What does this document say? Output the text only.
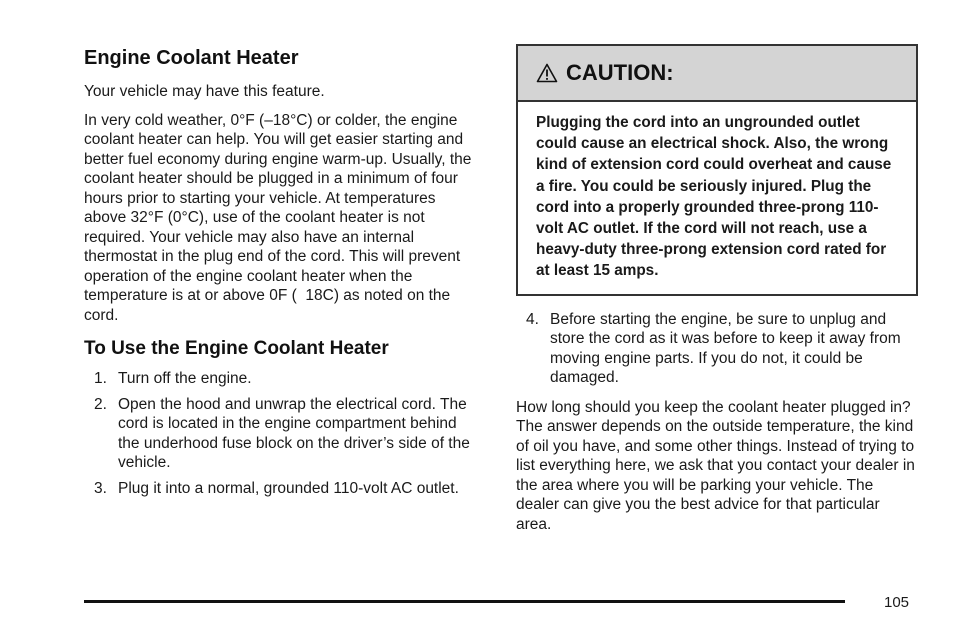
Engine Coolant Heater

Your vehicle may have this feature.

In very cold weather, 0°F (–18°C) or colder, the engine coolant heater can help. You will get easier starting and better fuel economy during engine warm-up. Usually, the coolant heater should be plugged in a minimum of four hours prior to starting your vehicle. At temperatures above 32°F (0°C), use of the coolant heater is not required. Your vehicle may also have an internal thermostat in the plug end of the cord. This will prevent operation of the engine coolant heater when the temperature is at or above 0F (  18C) as noted on the cord.

To Use the Engine Coolant Heater
1. Turn off the engine.
2. Open the hood and unwrap the electrical cord. The cord is located in the engine compartment behind the underhood fuse block on the driver’s side of the vehicle.
3. Plug it into a normal, grounded 110-volt AC outlet.
CAUTION:
Plugging the cord into an ungrounded outlet could cause an electrical shock. Also, the wrong kind of extension cord could overheat and cause a fire. You could be seriously injured. Plug the cord into a properly grounded three-prong 110-volt AC outlet. If the cord will not reach, use a heavy-duty three-prong extension cord rated for at least 15 amps.
4. Before starting the engine, be sure to unplug and store the cord as it was before to keep it away from moving engine parts. If you do not, it could be damaged.

How long should you keep the coolant heater plugged in? The answer depends on the outside temperature, the kind of oil you have, and some other things. Instead of trying to list everything here, we ask that you contact your dealer in the area where you will be parking your vehicle. The dealer can give you the best advice for that particular area.

105
